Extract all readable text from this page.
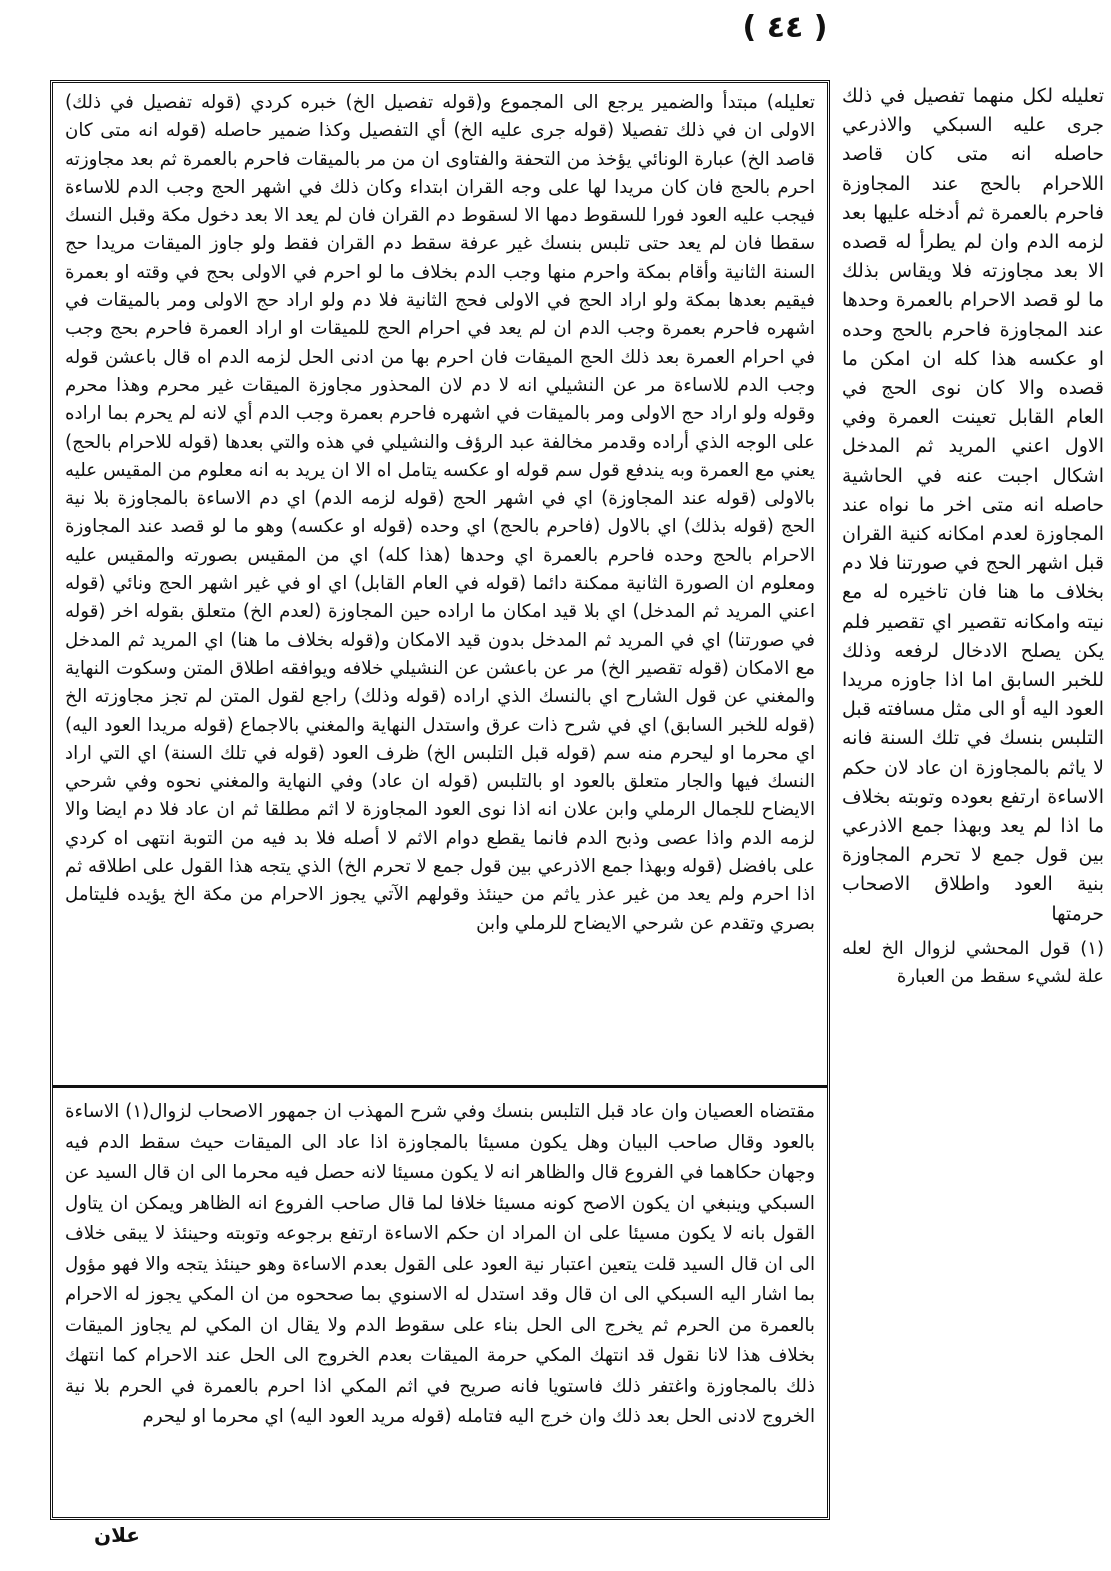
( ٤٤ )

تعليله) مبتدأ والضمير يرجع الى المجموع و(قوله تفصيل الخ) خبره كردي (قوله تفصيل في ذلك) الاولى ان في ذلك تفصيلا (قوله جرى عليه الخ) أي التفصيل وكذا ضمير حاصله (قوله انه متى كان قاصد الخ) عبارة الونائي يؤخذ من التحفة والفتاوى ان من مر بالميقات فاحرم بالعمرة ثم بعد مجاوزته احرم بالحج فان كان مريدا لها على وجه القران ابتداء وكان ذلك في اشهر الحج وجب الدم للاساءة فيجب عليه العود فورا للسقوط دمها الا لسقوط دم القران فان لم يعد الا بعد دخول مكة وقبل النسك سقطا فان لم يعد حتى تلبس بنسك غير عرفة سقط دم القران فقط ولو جاوز الميقات مريدا حج السنة الثانية وأقام بمكة واحرم منها وجب الدم بخلاف ما لو احرم في الاولى بحج في وقته او بعمرة فيقيم بعدها بمكة ولو اراد الحج في الاولى فحج الثانية فلا دم ولو اراد حج الاولى ومر بالميقات في اشهره فاحرم بعمرة وجب الدم ان لم يعد في احرام الحج للميقات او اراد العمرة فاحرم بحج وجب في احرام العمرة بعد ذلك الحج الميقات فان احرم بها من ادنى الحل لزمه الدم اه قال باعشن قوله وجب الدم للاساءة مر عن النشيلي انه لا دم لان المحذور مجاوزة الميقات غير محرم وهذا محرم وقوله ولو اراد حج الاولى ومر بالميقات في اشهره فاحرم بعمرة وجب الدم أي لانه لم يحرم بما اراده على الوجه الذي أراده وقدمر مخالفة عبد الرؤف والنشيلي في هذه والتي بعدها (قوله للاحرام بالحج) يعني مع العمرة وبه يندفع قول سم قوله او عكسه يتامل اه الا ان يريد به انه معلوم من المقيس عليه بالاولى (قوله عند المجاوزة) اي في اشهر الحج (قوله لزمه الدم) اي دم الاساءة بالمجاوزة بلا نية الحج (قوله بذلك) اي بالاول (فاحرم بالحج) اي وحده (قوله او عكسه) وهو ما لو قصد عند المجاوزة الاحرام بالحج وحده فاحرم بالعمرة اي وحدها (هذا كله) اي من المقيس بصورته والمقيس عليه ومعلوم ان الصورة الثانية ممكنة دائما (قوله في العام القابل) اي او في غير اشهر الحج ونائي (قوله اعني المريد ثم المدخل) اي بلا قيد امكان ما اراده حين المجاوزة (لعدم الخ) متعلق بقوله اخر (قوله في صورتنا) اي في المريد ثم المدخل بدون قيد الامكان و(قوله بخلاف ما هنا) اي المريد ثم المدخل مع الامكان (قوله تقصير الخ) مر عن باعشن عن النشيلي خلافه ويوافقه اطلاق المتن وسكوت النهاية والمغني عن قول الشارح اي بالنسك الذي اراده (قوله وذلك) راجع لقول المتن لم تجز مجاوزته الخ (قوله للخبر السابق) اي في شرح ذات عرق واستدل النهاية والمغني بالاجماع (قوله مريدا العود اليه) اي محرما او ليحرم منه سم (قوله قبل التلبس الخ) ظرف العود (قوله في تلك السنة) اي التي اراد النسك فيها والجار متعلق بالعود او بالتلبس (قوله ان عاد) وفي النهاية والمغني نحوه وفي شرحي الايضاح للجمال الرملي وابن علان انه اذا نوى العود المجاوزة لا اثم مطلقا ثم ان عاد فلا دم ايضا والا لزمه الدم واذا عصى وذبح الدم فانما يقطع دوام الاثم لا أصله فلا بد فيه من التوبة انتهى اه كردي على بافضل (قوله وبهذا جمع الاذرعي بين قول جمع لا تحرم الخ) الذي يتجه هذا القول على اطلاقه ثم اذا احرم ولم يعد من غير عذر ياثم من حينئذ وقولهم الآتي يجوز الاحرام من مكة الخ يؤيده فليتامل بصري وتقدم عن شرحي الايضاح للرملي وابن

مقتضاه العصيان وان عاد قبل التلبس بنسك وفي شرح المهذب ان جمهور الاصحاب لزوال(١) الاساءة بالعود وقال صاحب البيان وهل يكون مسيئا بالمجاوزة اذا عاد الى الميقات حيث سقط الدم فيه وجهان حكاهما في الفروع قال والظاهر انه لا يكون مسيئا لانه حصل فيه محرما الى ان قال السيد عن السبكي وينبغي ان يكون الاصح كونه مسيئا خلافا لما قال صاحب الفروع انه الظاهر ويمكن ان يتاول القول بانه لا يكون مسيئا على ان المراد ان حكم الاساءة ارتفع برجوعه وتوبته وحينئذ لا يبقى خلاف الى ان قال السيد قلت يتعين اعتبار نية العود على القول بعدم الاساءة وهو حينئذ يتجه والا فهو مؤول بما اشار اليه السبكي الى ان قال وقد استدل له الاسنوي بما صححوه من ان المكي يجوز له الاحرام بالعمرة من الحرم ثم يخرج الى الحل بناء على سقوط الدم ولا يقال ان المكي لم يجاوز الميقات بخلاف هذا لانا نقول قد انتهك المكي حرمة الميقات بعدم الخروج الى الحل عند الاحرام كما انتهك ذلك بالمجاوزة واغتفر ذلك فاستويا فانه صريح في اثم المكي اذا احرم بالعمرة في الحرم بلا نية الخروج لادنى الحل بعد ذلك وان خرج اليه فتامله (قوله مريد العود اليه) اي محرما او ليحرم

تعليله لكل منهما تفصيل في ذلك جرى عليه السبكي والاذرعي حاصله انه متى كان قاصد اللاحرام بالحج عند المجاوزة فاحرم بالعمرة ثم أدخله عليها بعد لزمه الدم وان لم يطرأ له قصده الا بعد مجاوزته فلا ويقاس بذلك ما لو قصد الاحرام بالعمرة وحدها عند المجاوزة فاحرم بالحج وحده او عكسه هذا كله ان امكن ما قصده والا كان نوى الحج في العام القابل تعينت العمرة وفي الاول اعني المريد ثم المدخل اشكال اجبت عنه في الحاشية حاصله انه متى اخر ما نواه عند المجاوزة لعدم امكانه كنية القران قبل اشهر الحج في صورتنا فلا دم بخلاف ما هنا فان تاخيره له مع نيته وامكانه تقصير اي تقصير فلم يكن يصلح الادخال لرفعه وذلك للخبر السابق اما اذا جاوزه مريدا العود اليه أو الى مثل مسافته قبل التلبس بنسك في تلك السنة فانه لا ياثم بالمجاوزة ان عاد لان حكم الاساءة ارتفع بعوده وتوبته بخلاف ما اذا لم يعد وبهذا جمع الاذرعي بين قول جمع لا تحرم المجاوزة بنية العود واطلاق الاصحاب حرمتها

(١) قول المحشي لزوال الخ لعله علة لشيء سقط من العبارة

علان
